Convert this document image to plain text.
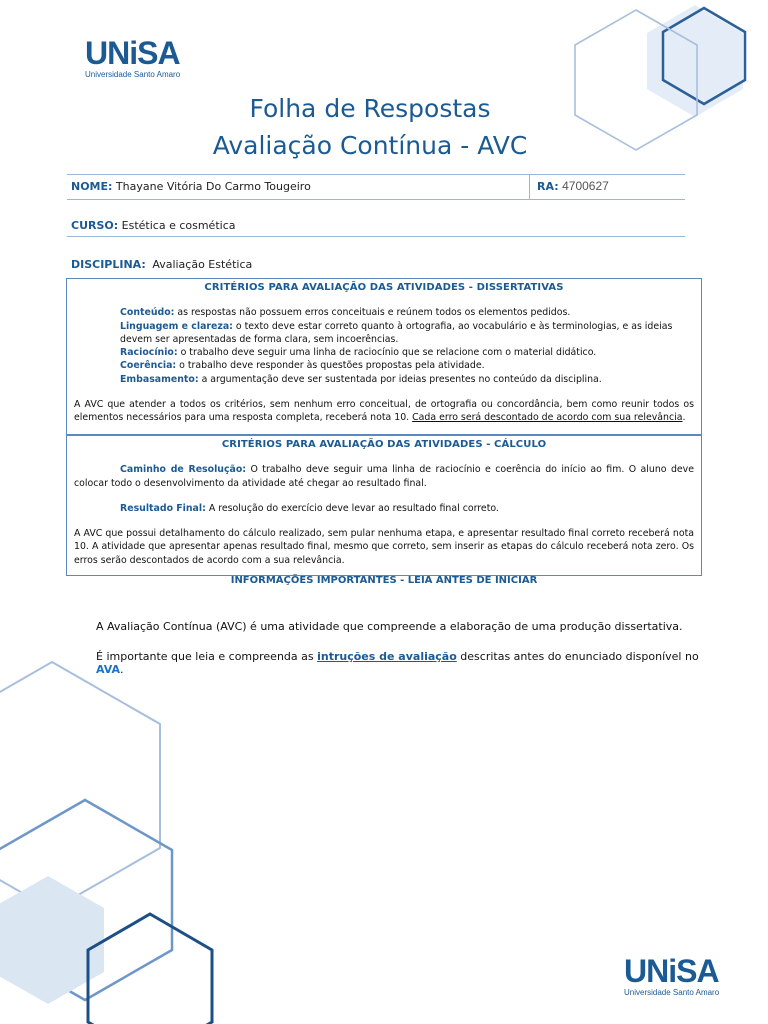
UNiSA
Universidade Santo Amaro
Folha de Respostas
Avaliação Contínua - AVC
NOME: Thayane Vitória Do Carmo Tougeiro	RA: 4700627
CURSO: Estética e cosmética
DISCIPLINA: Avaliação Estética
CRITÉRIOS PARA AVALIAÇÃO DAS ATIVIDADES - DISSERTATIVAS
Conteúdo: as respostas não possuem erros conceituais e reúnem todos os elementos pedidos.
Linguagem e clareza: o texto deve estar correto quanto à ortografia, ao vocabulário e às terminologias, e as ideias devem ser apresentadas de forma clara, sem incoerências.
Raciocínio: o trabalho deve seguir uma linha de raciocínio que se relacione com o material didático.
Coerência: o trabalho deve responder às questões propostas pela atividade.
Embasamento: a argumentação deve ser sustentada por ideias presentes no conteúdo da disciplina.
A AVC que atender a todos os critérios, sem nenhum erro conceitual, de ortografia ou concordância, bem como reunir todos os elementos necessários para uma resposta completa, receberá nota 10. Cada erro será descontado de acordo com sua relevância.
CRITÉRIOS PARA AVALIAÇÃO DAS ATIVIDADES - CÁLCULO
Caminho de Resolução: O trabalho deve seguir uma linha de raciocínio e coerência do início ao fim. O aluno deve colocar todo o desenvolvimento da atividade até chegar ao resultado final.
Resultado Final: A resolução do exercício deve levar ao resultado final correto.
A AVC que possui detalhamento do cálculo realizado, sem pular nenhuma etapa, e apresentar resultado final correto receberá nota 10. A atividade que apresentar apenas resultado final, mesmo que correto, sem inserir as etapas do cálculo receberá nota zero. Os erros serão descontados de acordo com a sua relevância.
INFORMAÇÕES IMPORTANTES - LEIA ANTES DE INICIAR
A Avaliação Contínua (AVC) é uma atividade que compreende a elaboração de uma produção dissertativa.
É importante que leia e compreenda as intruções de avaliação descritas antes do enunciado disponível no AVA.
UNiSA
Universidade Santo Amaro
